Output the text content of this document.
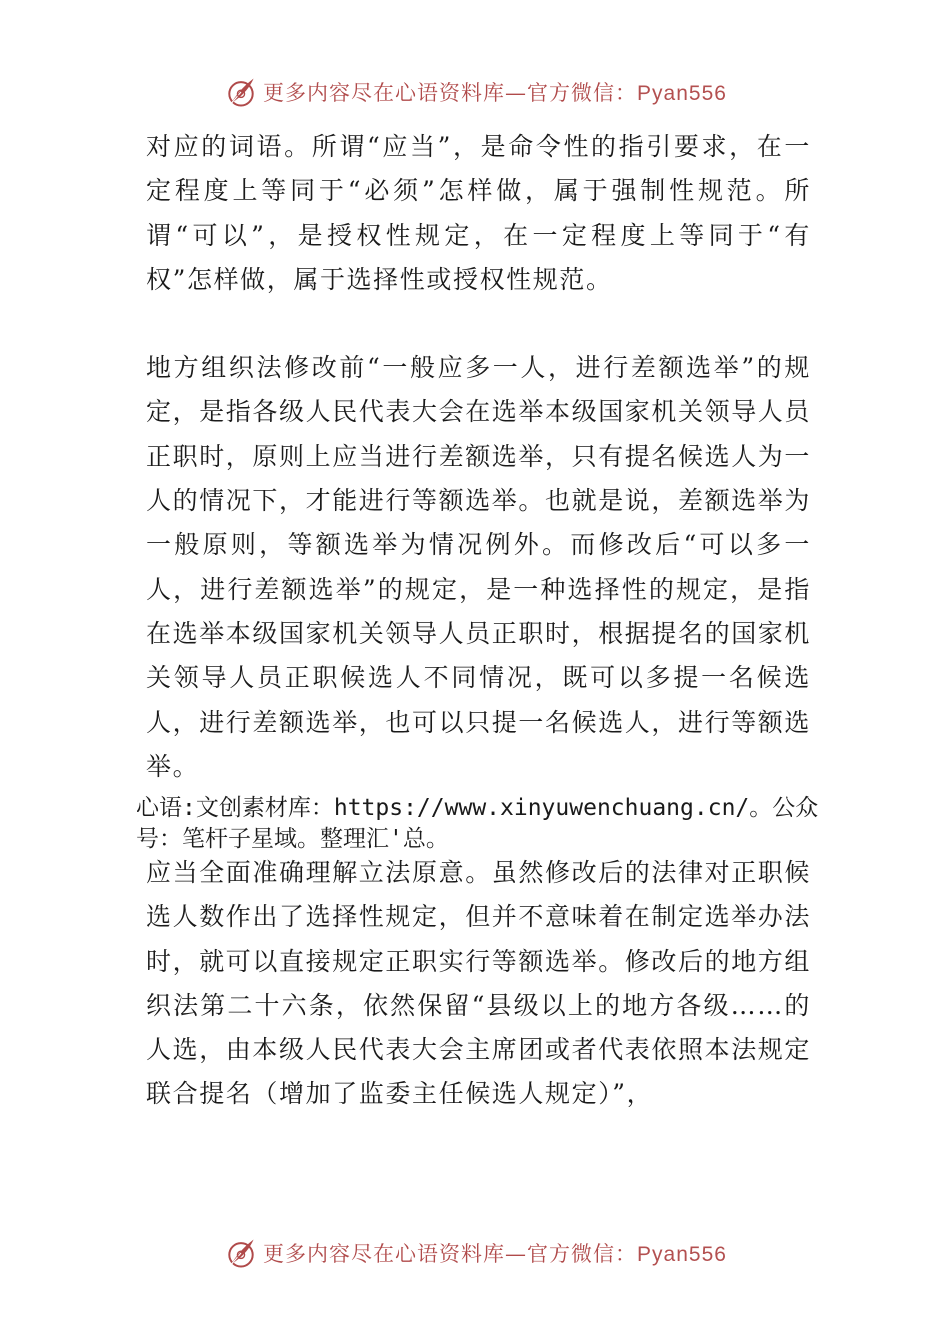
更多内容尽在心语资料库—官方微信：Pyan556

对应的词语。所谓“应当”，是命令性的指引要求，在一定程度上等同于“必须”怎样做，属于强制性规范。所谓“可以”，是授权性规定，在一定程度上等同于“有权”怎样做，属于选择性或授权性规范。

地方组织法修改前“一般应多一人，进行差额选举”的规定，是指各级人民代表大会在选举本级国家机关领导人员正职时，原则上应当进行差额选举，只有提名候选人为一人的情况下，才能进行等额选举。也就是说，差额选举为一般原则，等额选举为情况例外。而修改后“可以多一人，进行差额选举”的规定，是一种选择性的规定，是指在选举本级国家机关领导人员正职时，根据提名的国家机关领导人员正职候选人不同情况，既可以多提一名候选人，进行差额选举，也可以只提一名候选人，进行等额选举。

心语:文创素材库：https://www.xinyuwenchuang.cn/。公众号：笔杆子星域。整理汇'总。

应当全面准确理解立法原意。虽然修改后的法律对正职候选人数作出了选择性规定，但并不意味着在制定选举办法时，就可以直接规定正职实行等额选举。修改后的地方组织法第二十六条，依然保留“县级以上的地方各级……的人选，由本级人民代表大会主席团或者代表依照本法规定联合提名（增加了监委主任候选人规定）”，

更多内容尽在心语资料库—官方微信：Pyan556
